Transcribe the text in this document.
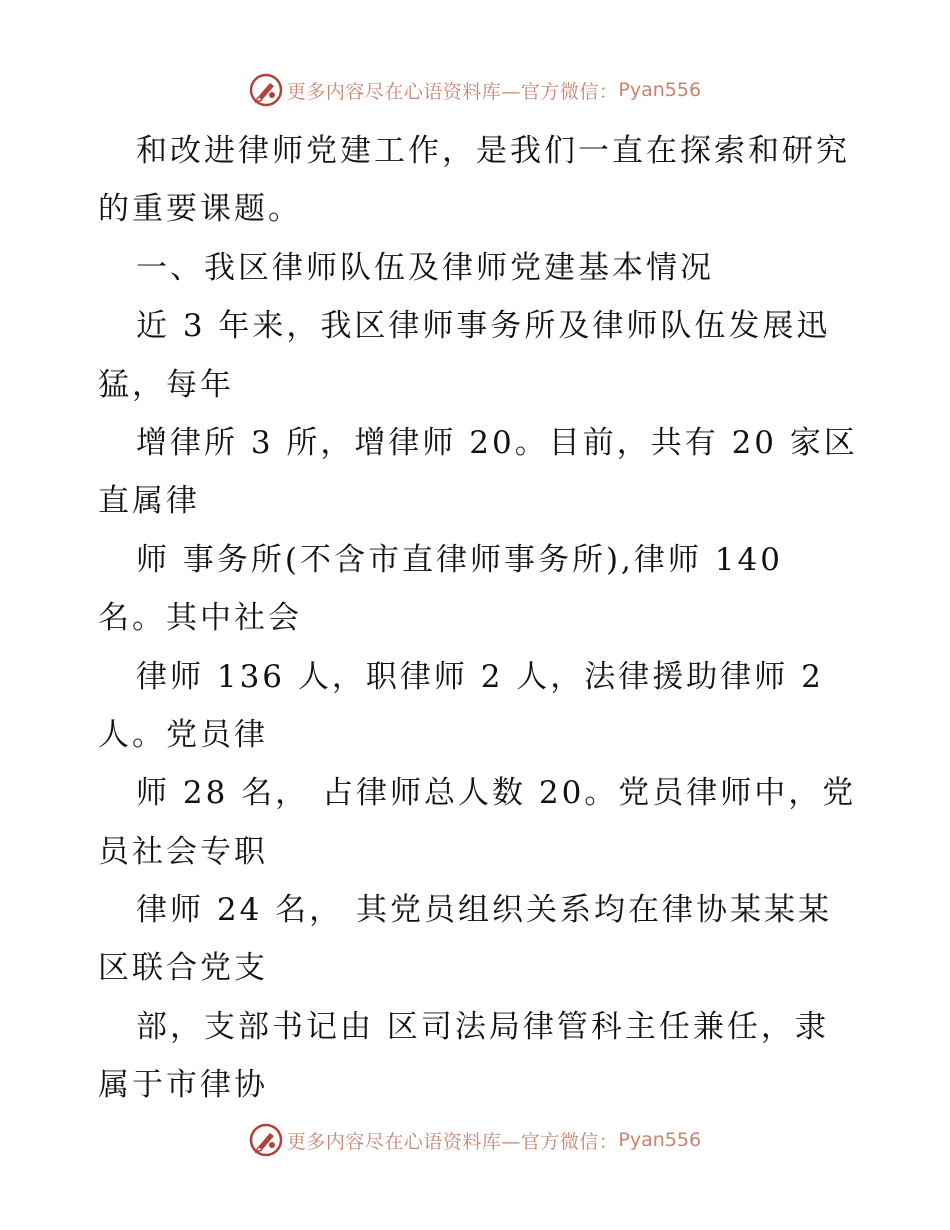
更多内容尽在心语资料库—官方微信： Pyan556
和改进律师党建工作，是我们一直在探索和研究
的重要课题。
一、我区律师队伍及律师党建基本情况
近 3 年来，我区律师事务所及律师队伍发展迅
猛，每年
增律所 3 所，增律师 20。目前，共有 20 家区
直属律
师 事务所(不含市直律师事务所),律师 140
名。其中社会
律师 136 人，职律师 2 人，法律援助律师 2
人。党员律
师 28 名， 占律师总人数 20。党员律师中，党
员社会专职
律师 24 名， 其党员组织关系均在律协某某某
区联合党支
部，支部书记由 区司法局律管科主任兼任，隶
属于市律协
更多内容尽在心语资料库—官方微信： Pyan556
